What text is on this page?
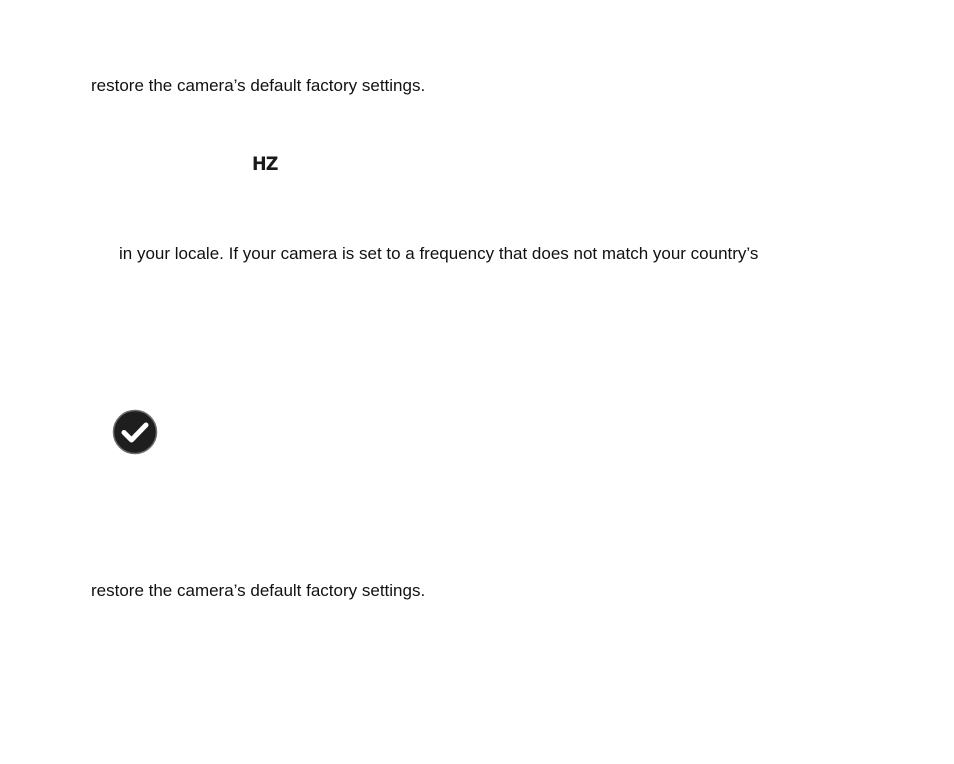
restore the camera’s default factory settings.
HZ
in your locale. If your camera is set to a frequency that does not match your country’s
restore the camera’s default factory settings.
